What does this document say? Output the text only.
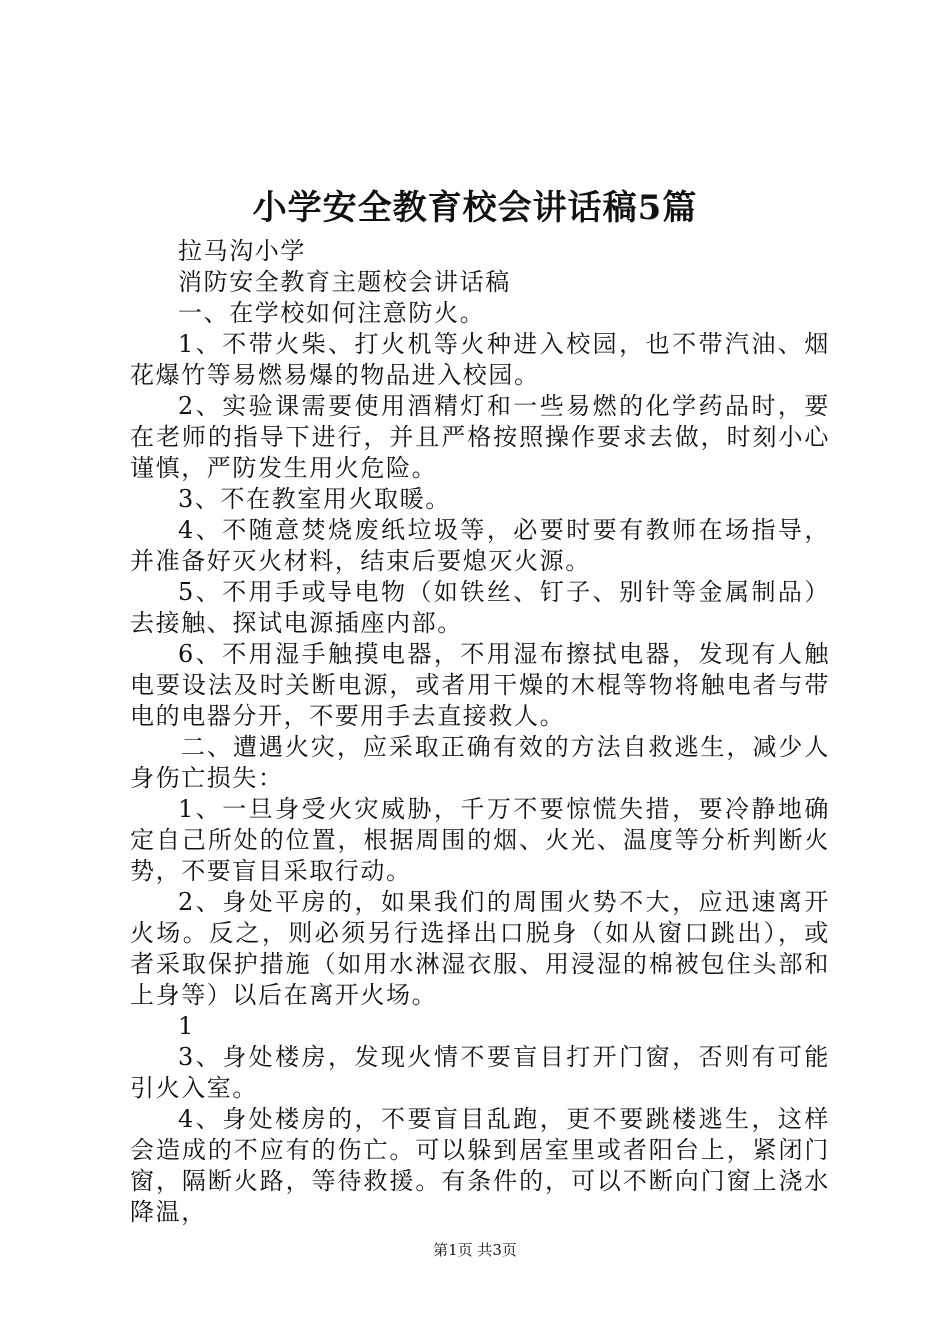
小学安全教育校会讲话稿5篇

拉马沟小学

消防安全教育主题校会讲话稿

一、在学校如何注意防火。

1、不带火柴、打火机等火种进入校园，也不带汽油、烟花爆竹等易燃易爆的物品进入校园。

2、实验课需要使用酒精灯和一些易燃的化学药品时，要在老师的指导下进行，并且严格按照操作要求去做，时刻小心谨慎，严防发生用火危险。

3、不在教室用火取暖。

4、不随意焚烧废纸垃圾等，必要时要有教师在场指导，并准备好灭火材料，结束后要熄灭火源。

5、不用手或导电物（如铁丝、钉子、别针等金属制品）去接触、探试电源插座内部。

6、不用湿手触摸电器，不用湿布擦拭电器，发现有人触电要设法及时关断电源，或者用干燥的木棍等物将触电者与带电的电器分开，不要用手去直接救人。

二、遭遇火灾，应采取正确有效的方法自救逃生，减少人身伤亡损失：

1、一旦身受火灾威胁，千万不要惊慌失措，要冷静地确定自己所处的位置，根据周围的烟、火光、温度等分析判断火势，不要盲目采取行动。

2、身处平房的，如果我们的周围火势不大，应迅速离开火场。反之，则必须另行选择出口脱身（如从窗口跳出），或者采取保护措施（如用水淋湿衣服、用浸湿的棉被包住头部和上身等）以后在离开火场。

1

3、身处楼房，发现火情不要盲目打开门窗，否则有可能引火入室。

4、身处楼房的，不要盲目乱跑，更不要跳楼逃生，这样会造成的不应有的伤亡。可以躲到居室里或者阳台上，紧闭门窗，隔断火路，等待救援。有条件的，可以不断向门窗上浇水降温，

第1页 共3页
